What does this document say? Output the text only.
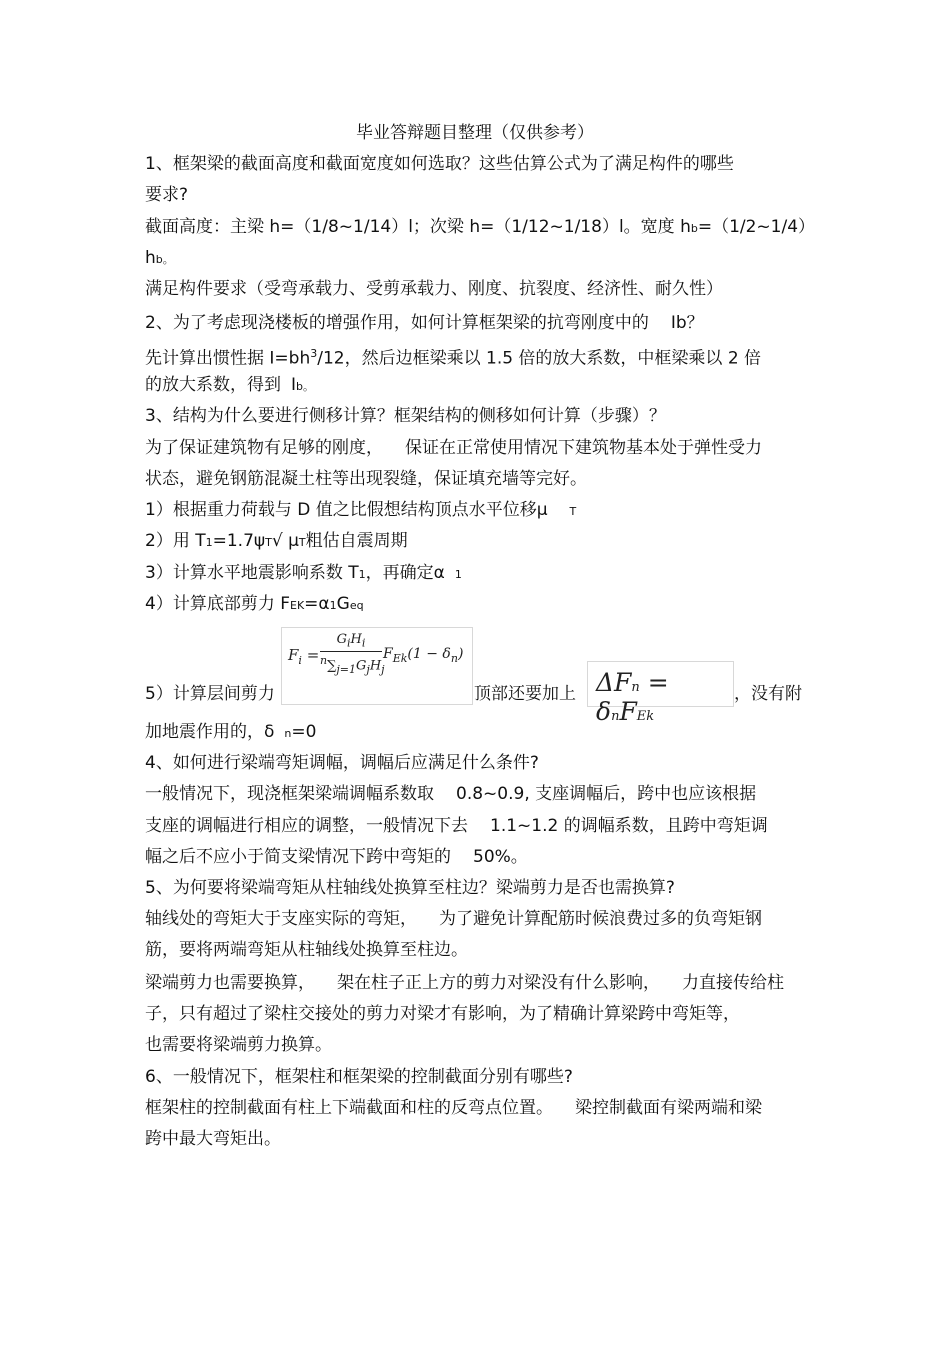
毕业答辩题目整理（仅供参考）
1、框架梁的截面高度和截面宽度如何选取？这些估算公式为了满足构件的哪些
要求?
截面高度：主梁 h=（1/8~1/14）l；次梁 h=（1/12~1/18）l。宽度 hb=（1/2~1/4）
hb。
满足构件要求（受弯承载力、受剪承载力、刚度、抗裂度、经济性、耐久性）
2、为了考虑现浇楼板的增强作用，如何计算框架梁的抗弯刚度中的 Ib？
先计算出惯性据 $I=bh^3/12$，然后边框梁乘以 1.5 倍的放大系数，中框梁乘以 2 倍
的放大系数，得到 Ib。
3、结构为什么要进行侧移计算？框架结构的侧移如何计算（步骤）？
为了保证建筑物有足够的刚度， 保证在正常使用情况下建筑物基本处于弹性受力
状态，避免钢筋混凝土柱等出现裂缝，保证填充墙等完好。
1）根据重力荷载与 D 值之比假想结构顶点水平位移μ T
2）用 T1=1.7ψT√ μT粗估自震周期
3）计算水平地震影响系数 T1，再确定α 1
4）计算底部剪力 FEK=α1Geq
5）计算层间剪力
$F_i$ =
$G_iH_i$
$^n\sum_{j=1}G_jH_j$
$F_{Ek}(1 - \delta_n)$
顶部还要加上 ΔFn = δnFEk
，没有附
加地震作用的，δ n=0
4、如何进行梁端弯矩调幅，调幅后应满足什么条件?
一般情况下，现浇框架梁端调幅系数取 0.8~0.9, 支座调幅后，跨中也应该根据
支座的调幅进行相应的调整，一般情况下去 1.1~1.2 的调幅系数，且跨中弯矩调
幅之后不应小于简支梁情况下跨中弯矩的 50%。
5、为何要将梁端弯矩从柱轴线处换算至柱边？梁端剪力是否也需换算?
轴线处的弯矩大于支座实际的弯矩， 为了避免计算配筋时候浪费过多的负弯矩钢
筋，要将两端弯矩从柱轴线处换算至柱边。
梁端剪力也需要换算， 架在柱子正上方的剪力对梁没有什么影响， 力直接传给柱
子，只有超过了梁柱交接处的剪力对梁才有影响，为了精确计算梁跨中弯矩等，
也需要将梁端剪力换算。
6、一般情况下，框架柱和框架梁的控制截面分别有哪些?
框架柱的控制截面有柱上下端截面和柱的反弯点位置。 梁控制截面有梁两端和梁
跨中最大弯矩出。
